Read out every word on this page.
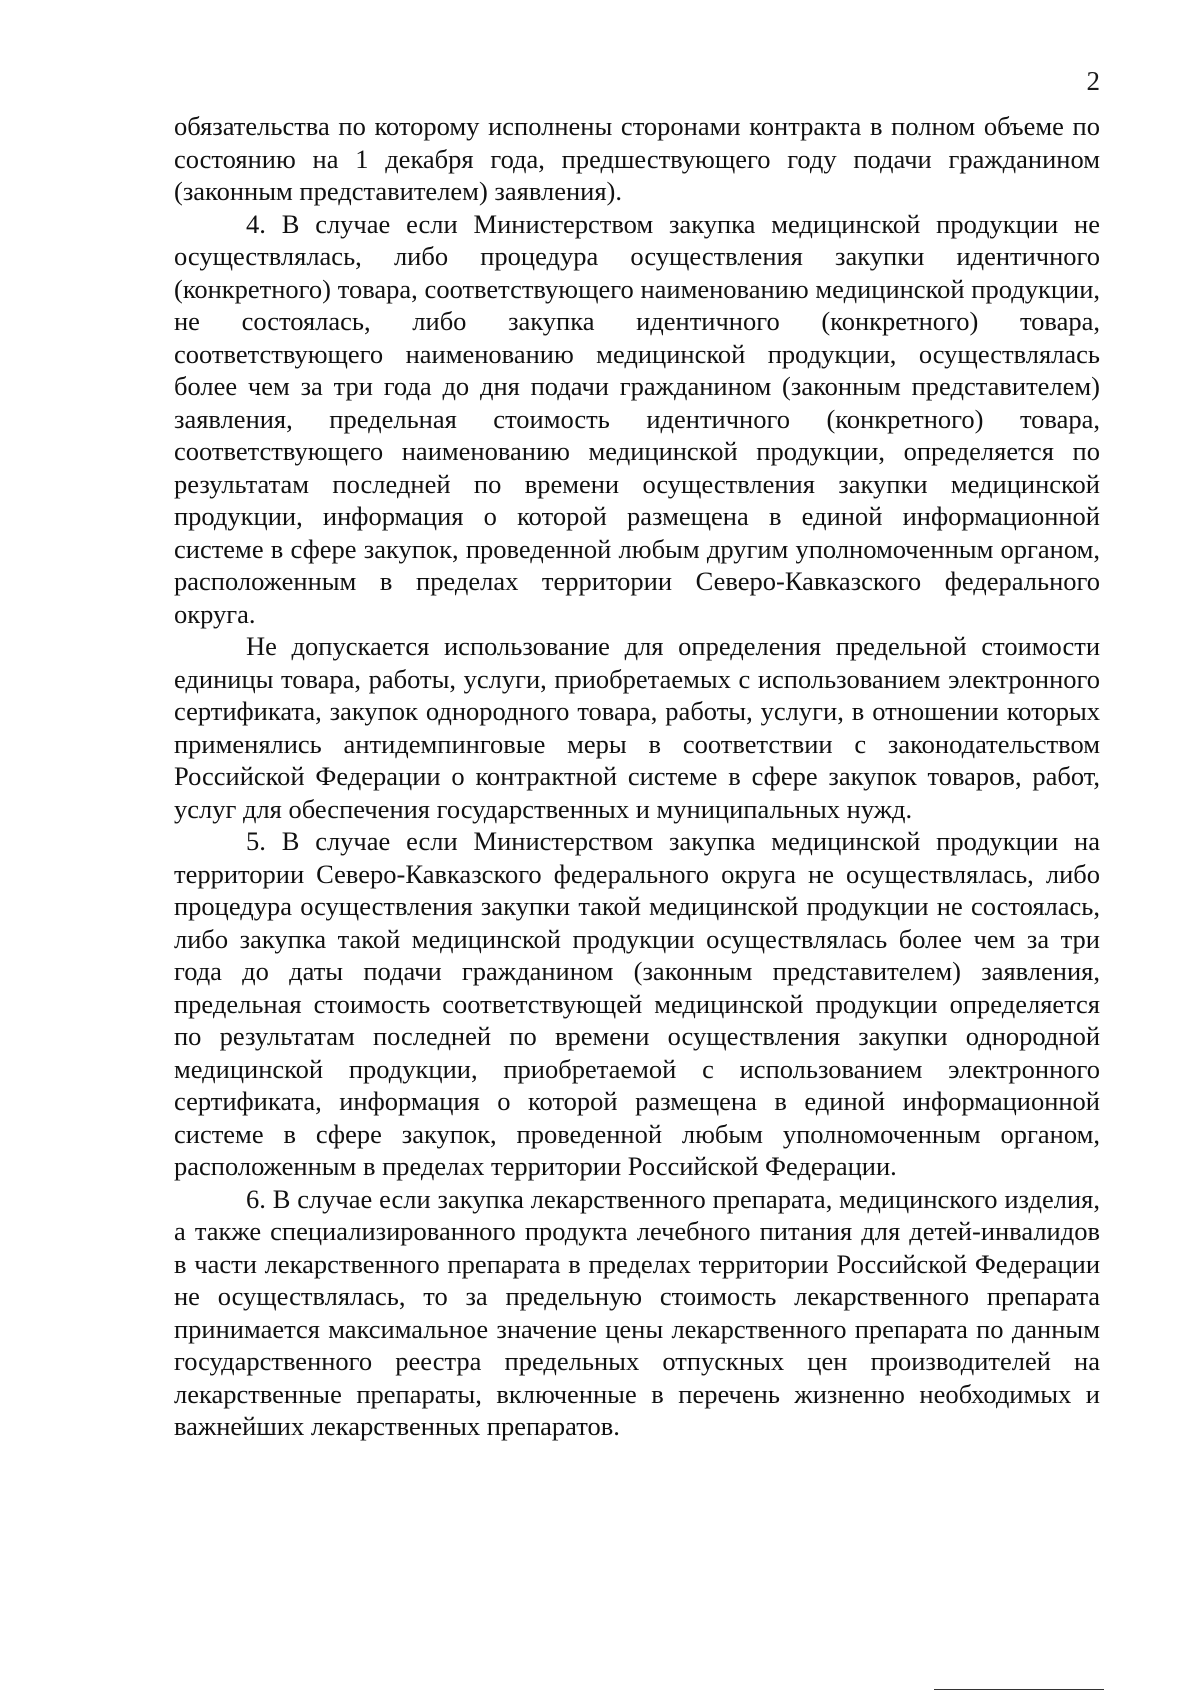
2

обязательства по которому исполнены сторонами контракта в полном объеме по состоянию на 1 декабря года, предшествующего году подачи гражданином (законным представителем) заявления).

4. В случае если Министерством закупка медицинской продукции не осуществлялась, либо процедура осуществления закупки идентичного (конкретного) товара, соответствующего наименованию медицинской продукции, не состоялась, либо закупка идентичного (конкретного) товара, соответствующего наименованию медицинской продукции, осуществлялась более чем за три года до дня подачи гражданином (законным представителем) заявления, предельная стоимость идентичного (конкретного) товара, соответствующего наименованию медицинской продукции, определяется по результатам последней по времени осуществления закупки медицинской продукции, информация о которой размещена в единой информационной системе в сфере закупок, проведенной любым другим уполномоченным органом, расположенным в пределах территории Северо-Кавказского федерального округа.

Не допускается использование для определения предельной стоимости единицы товара, работы, услуги, приобретаемых с использованием электронного сертификата, закупок однородного товара, работы, услуги, в отношении которых применялись антидемпинговые меры в соответствии с законодательством Российской Федерации о контрактной системе в сфере закупок товаров, работ, услуг для обеспечения государственных и муниципальных нужд.

5. В случае если Министерством закупка медицинской продукции на территории Северо-Кавказского федерального округа не осуществлялась, либо процедура осуществления закупки такой медицинской продукции не состоялась, либо закупка такой медицинской продукции осуществлялась более чем за три года до даты подачи гражданином (законным представителем) заявления, предельная стоимость соответствующей медицинской продукции определяется по результатам последней по времени осуществления закупки однородной медицинской продукции, приобретаемой с использованием электронного сертификата, информация о которой размещена в единой информационной системе в сфере закупок, проведенной любым уполномоченным органом, расположенным в пределах территории Российской Федерации.

6. В случае если закупка лекарственного препарата, медицинского изделия, а также специализированного продукта лечебного питания для детей-инвалидов в части лекарственного препарата в пределах территории Российской Федерации не осуществлялась, то за предельную стоимость лекарственного препарата принимается максимальное значение цены лекарственного препарата по данным государственного реестра предельных отпускных цен производителей на лекарственные препараты, включенные в перечень жизненно необходимых и важнейших лекарственных препаратов.
